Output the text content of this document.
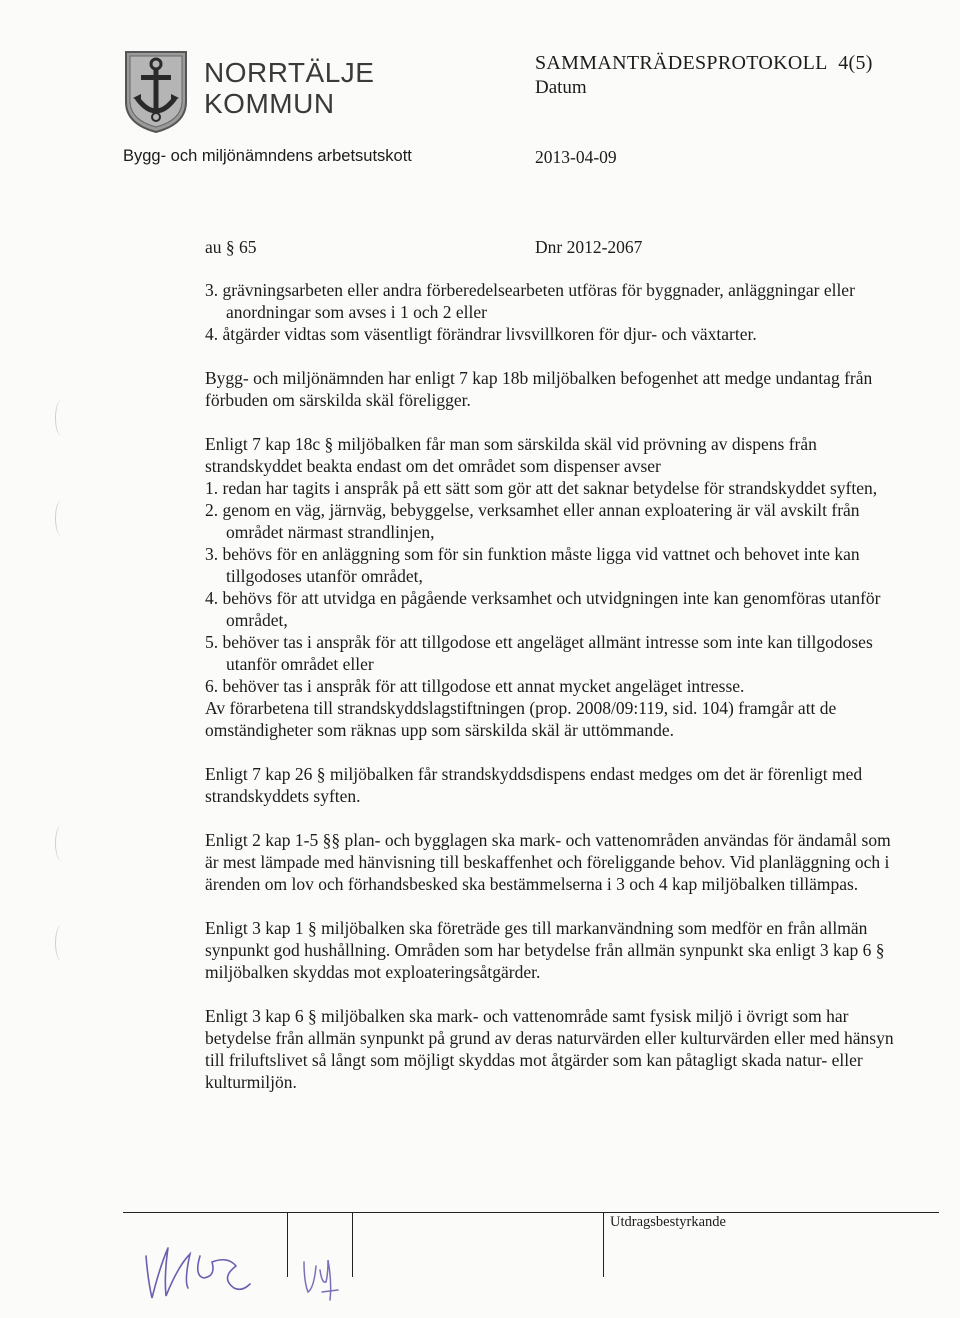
NORRTÄLJE
KOMMUN
SAMMANTRÄDESPROTOKOLL 4(5)
Datum
Bygg- och miljönämndens arbetsutskott	2013-04-09
au § 65	Dnr 2012-2067

3. grävningsarbeten eller andra förberedelsearbeten utföras för byggnader, anläggningar eller anordningar som avses i 1 och 2 eller

4. åtgärder vidtas som väsentligt förändrar livsvillkoren för djur- och växtarter.

Bygg- och miljönämnden har enligt 7 kap 18b miljöbalken befogenhet att medge undantag från förbuden om särskilda skäl föreligger.

Enligt 7 kap 18c § miljöbalken får man som särskilda skäl vid prövning av dispens från strandskyddet beakta endast om det området som dispenser avser

1. redan har tagits i anspråk på ett sätt som gör att det saknar betydelse för strandskyddet syften,

2. genom en väg, järnväg, bebyggelse, verksamhet eller annan exploatering är väl avskilt från området närmast strandlinjen,

3. behövs för en anläggning som för sin funktion måste ligga vid vattnet och behovet inte kan tillgodoses utanför området,

4. behövs för att utvidga en pågående verksamhet och utvidgningen inte kan genomföras utanför området,

5. behöver tas i anspråk för att tillgodose ett angeläget allmänt intresse som inte kan tillgodoses utanför området eller

6. behöver tas i anspråk för att tillgodose ett annat mycket angeläget intresse.

Av förarbetena till strandskyddslagstiftningen (prop. 2008/09:119, sid. 104) framgår att de omständigheter som räknas upp som särskilda skäl är uttömmande.

Enligt 7 kap 26 § miljöbalken får strandskyddsdispens endast medges om det är förenligt med strandskyddets syften.

Enligt 2 kap 1-5 §§ plan- och bygglagen ska mark- och vattenområden användas för ändamål som är mest lämpade med hänvisning till beskaffenhet och föreliggande behov. Vid planläggning och i ärenden om lov och förhandsbesked ska bestämmelserna i 3 och 4 kap miljöbalken tillämpas.

Enligt 3 kap 1 § miljöbalken ska företräde ges till markanvändning som medför en från allmän synpunkt god hushållning. Områden som har betydelse från allmän synpunkt ska enligt 3 kap 6 § miljöbalken skyddas mot exploateringsåtgärder.

Enligt 3 kap 6 § miljöbalken ska mark- och vattenområde samt fysisk miljö i övrigt som har betydelse från allmän synpunkt på grund av deras naturvärden eller kulturvärden eller med hänsyn till friluftslivet så långt som möjligt skyddas mot åtgärder som kan påtagligt skada natur- eller kulturmiljön.

Utdragsbestyrkande
